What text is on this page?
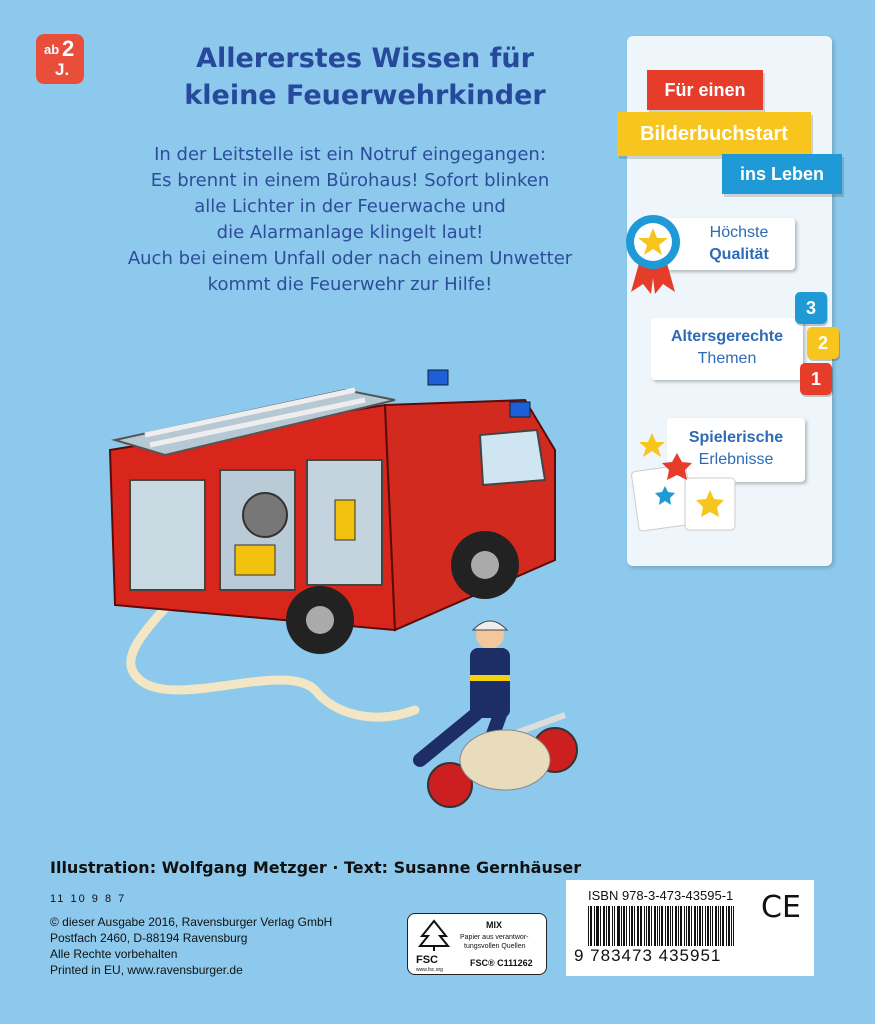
ab 2
J.	Allererstes Wissen für
kleine Feuerwehrkinder
In der Leitstelle ist ein Notruf eingegangen:
Es brennt in einem Bürohaus! Sofort blinken
alle Lichter in der Feuerwache und
die Alarmanlage klingelt laut!
Auch bei einem Unfall oder nach einem Unwetter
kommt die Feuerwehr zur Hilfe!
Für einen
Bilderbuchstart
ins Leben
Höchste
Qualität
Altersgerechte
Themen
3
2
1
Spielerische
Erlebnisse
Illustration: Wolfgang Metzger · Text: Susanne Gernhäuser
11 10 9 8 7
© dieser Ausgabe 2016, Ravensburger Verlag GmbH
Postfach 2460, D-88194 Ravensburg
Alle Rechte vorbehalten
Printed in EU, www.ravensburger.de
FSC
www.fsc.org
MIX
Papier aus verantwor-
tungsvollen Quellen
FSC® C111262
ISBN 978-3-473-43595-1
9 783473 435951
CE
